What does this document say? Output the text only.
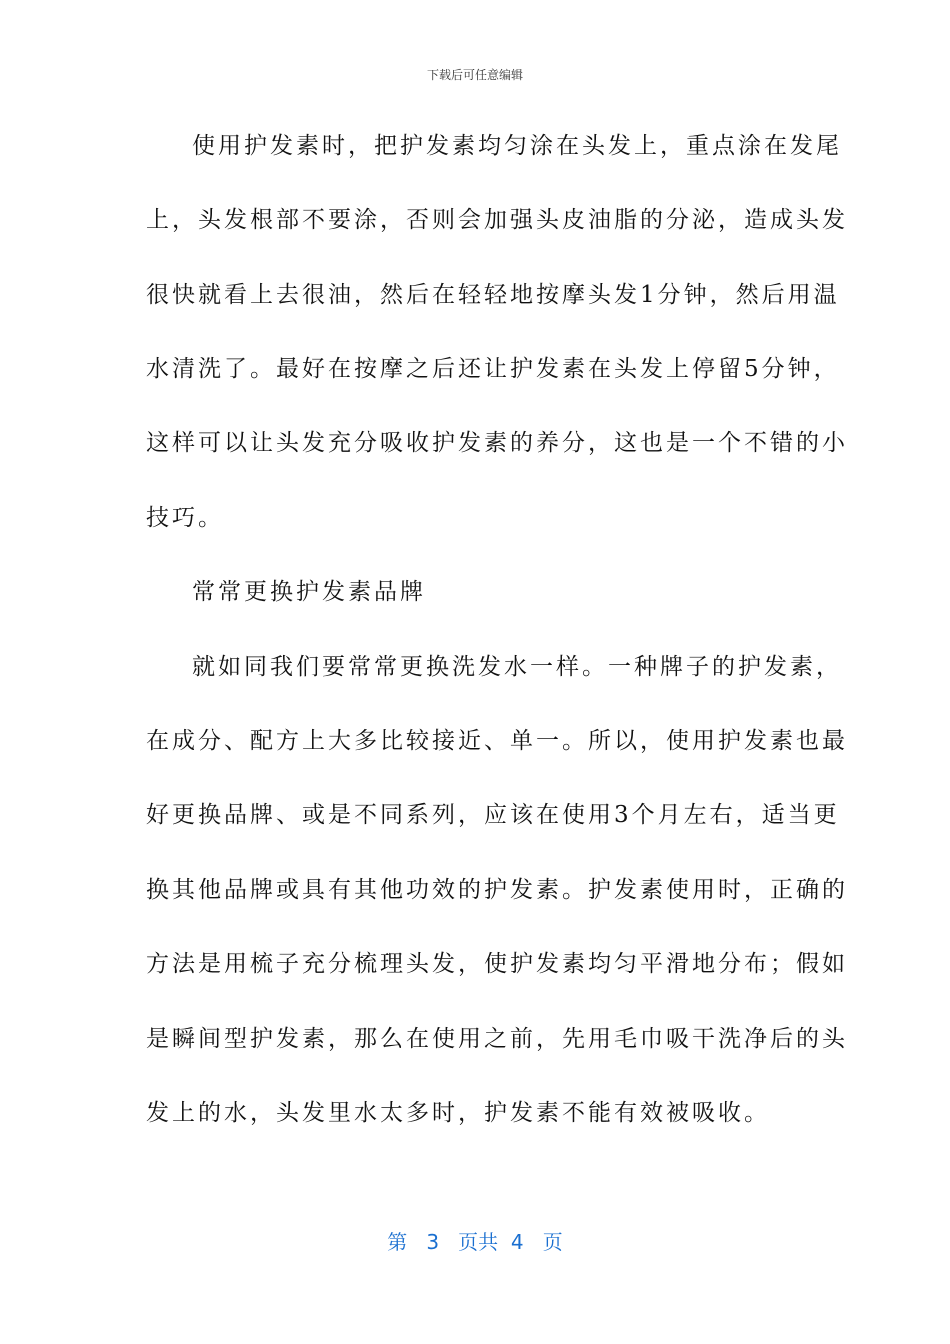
下载后可任意编辑
使用护发素时，把护发素均匀涂在头发上，重点涂在发尾
上，头发根部不要涂，否则会加强头皮油脂的分泌，造成头发
很快就看上去很油，然后在轻轻地按摩头发1分钟，然后用温
水清洗了。最好在按摩之后还让护发素在头发上停留5分钟，
这样可以让头发充分吸收护发素的养分，这也是一个不错的小
技巧。
常常更换护发素品牌
就如同我们要常常更换洗发水一样。一种牌子的护发素，
在成分、配方上大多比较接近、单一。所以，使用护发素也最
好更换品牌、或是不同系列，应该在使用3个月左右，适当更
换其他品牌或具有其他功效的护发素。护发素使用时，正确的
方法是用梳子充分梳理头发，使护发素均匀平滑地分布；假如
是瞬间型护发素，那么在使用之前，先用毛巾吸干洗净后的头
发上的水，头发里水太多时，护发素不能有效被吸收。
第 3 页共 4 页
